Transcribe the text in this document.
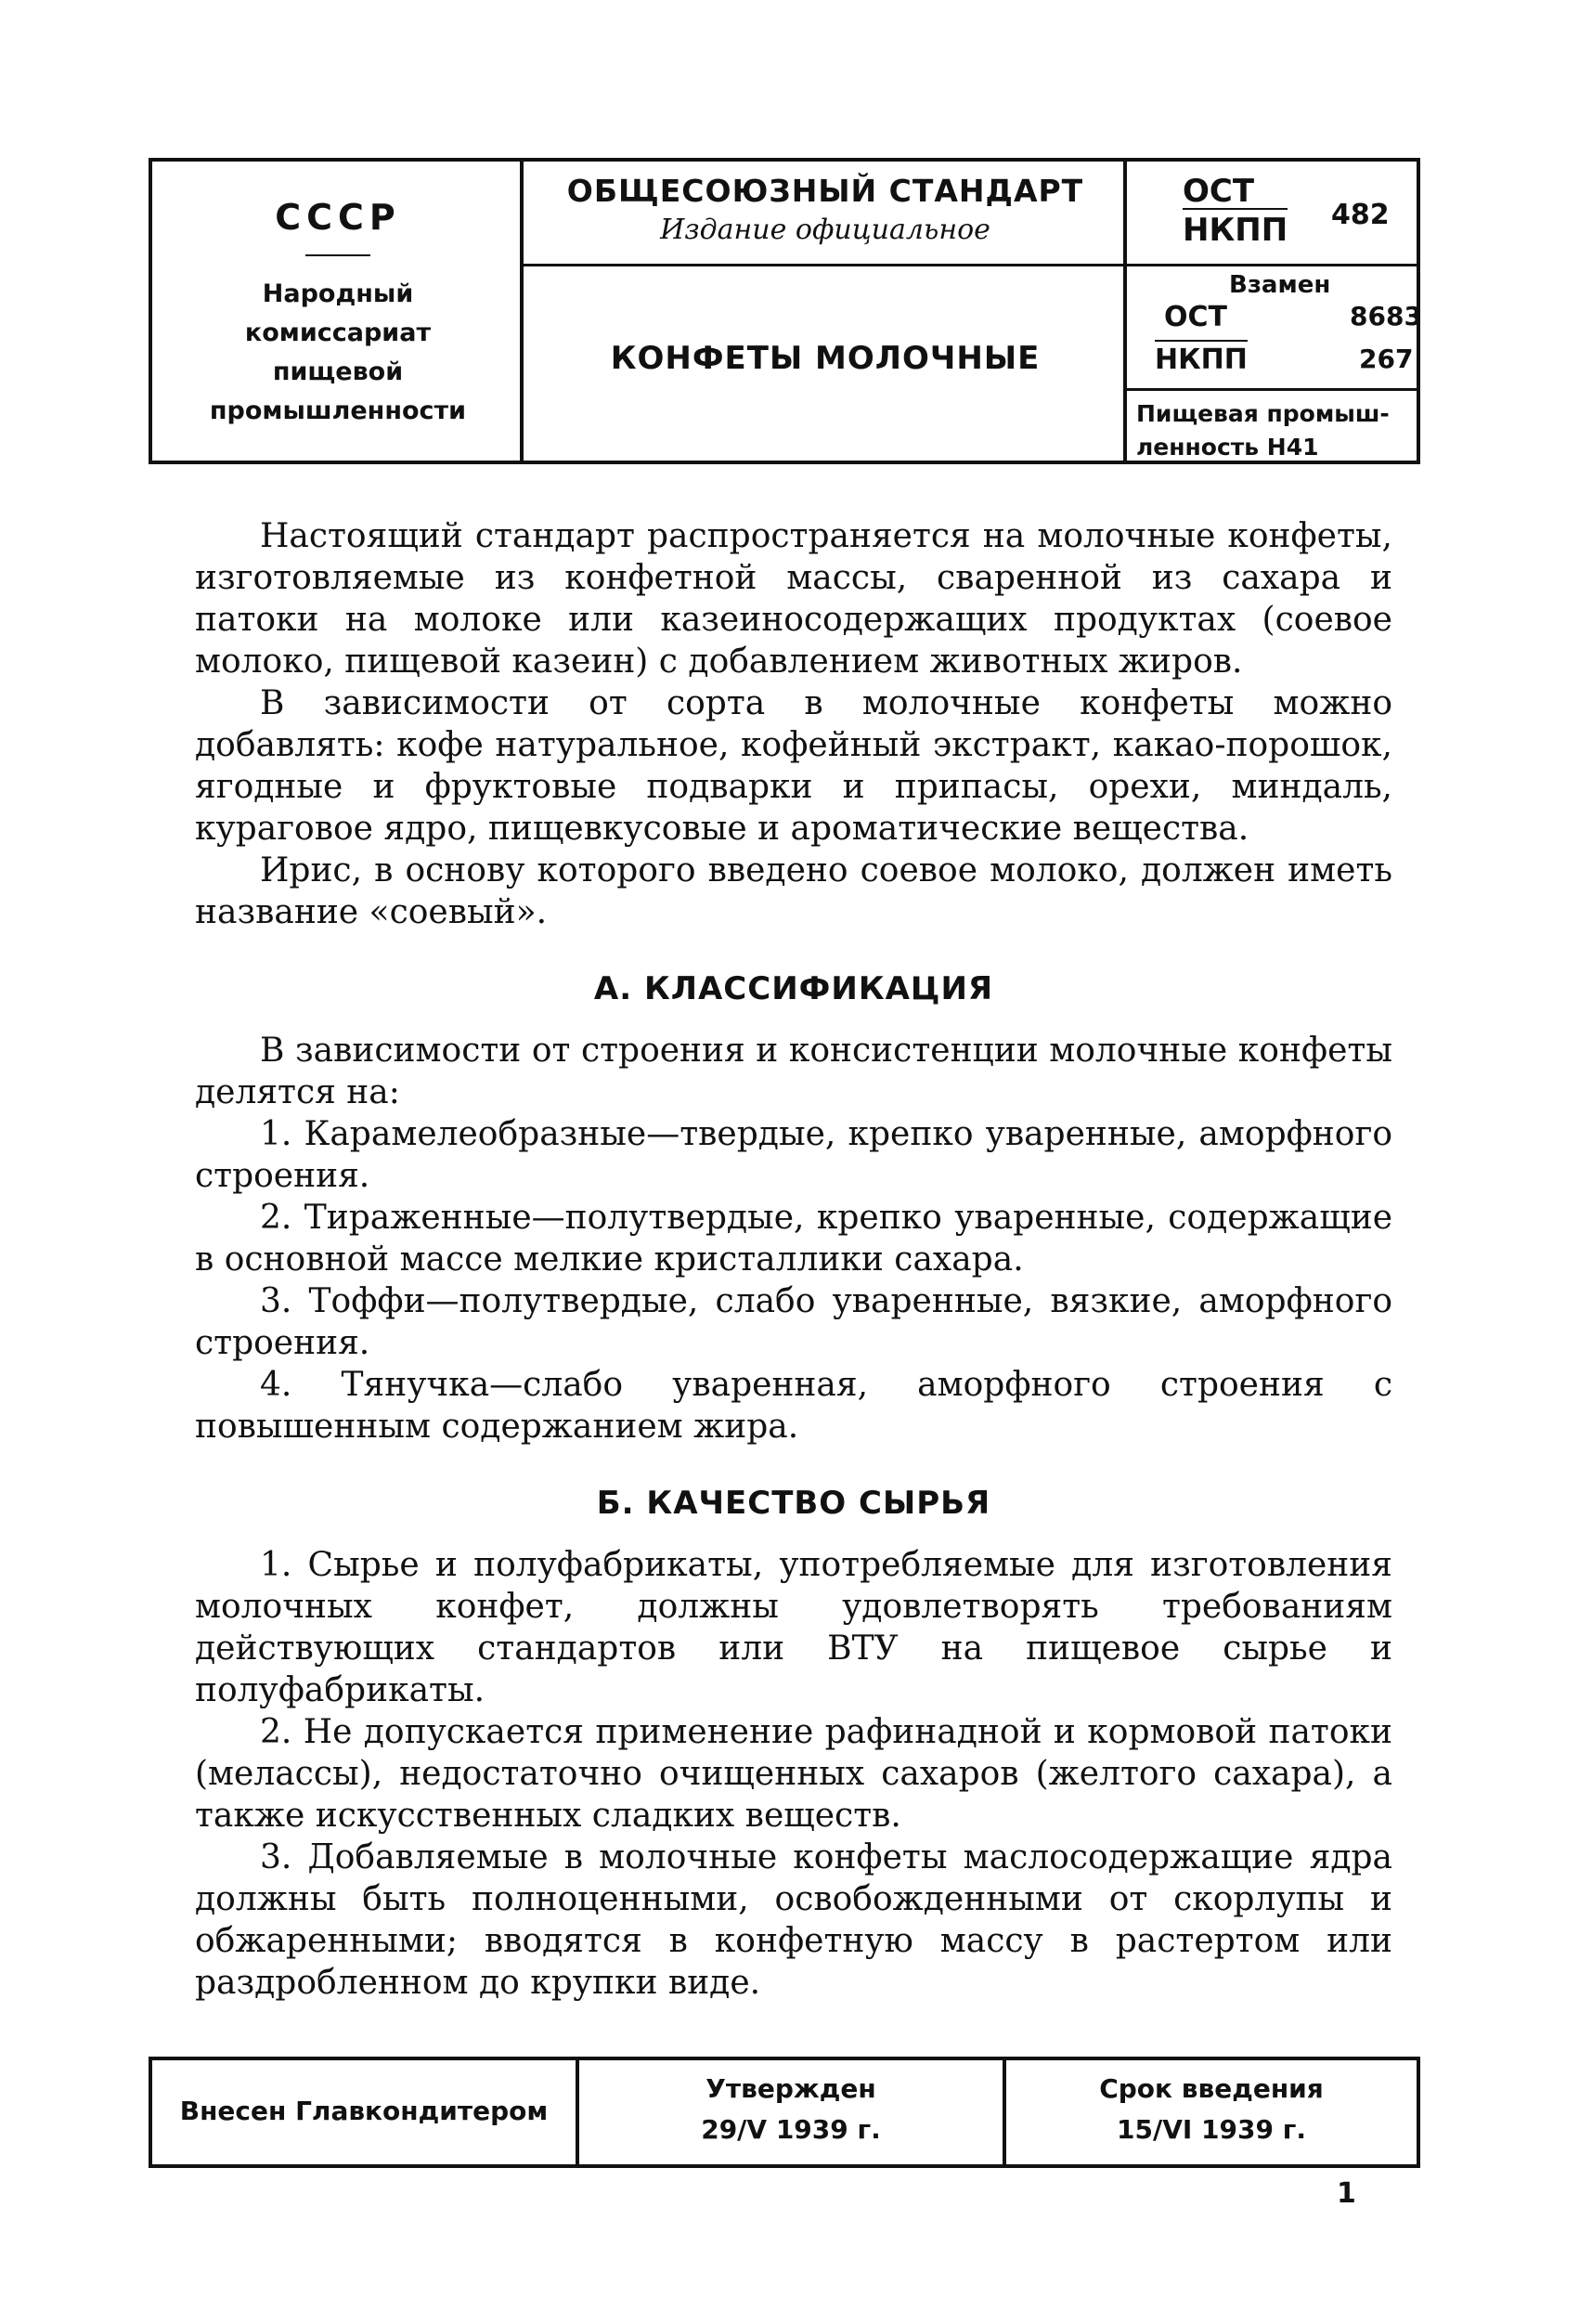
СССР
Народный
комиссариат
пищевой
промышленности
ОБЩЕСОЮЗНЫЙ СТАНДАРТ
Издание официальное
КОНФЕТЫ МОЛОЧНЫЕ
ОСТ
НКПП 482
Взамен
ОСТ	8683
НКПП	267
Пищевая промыш-
ленность Н41

Настоящий стандарт распространяется на молочные конфеты, изготовляемые из конфетной массы, сваренной из сахара и патоки на молоке или казеиносодержащих продуктах (соевое молоко, пищевой казеин) с добавлением животных жиров.

В зависимости от сорта в молочные конфеты можно добавлять: кофе натуральное, кофейный экстракт, какао-порошок, ягодные и фруктовые подварки и припасы, орехи, миндаль, кураговое ядро, пищевкусовые и ароматические вещества.

Ирис, в основу которого введено соевое молоко, должен иметь название «соевый».

А. КЛАССИФИКАЦИЯ

В зависимости от строения и консистенции молочные конфеты делятся на:

1. Карамелеобразные—твердые, крепко уваренные, аморфного строения.

2. Тираженные—полутвердые, крепко уваренные, содержащие в основной массе мелкие кристаллики сахара.

3. Тоффи—полутвердые, слабо уваренные, вязкие, аморфного строения.

4. Тянучка—слабо уваренная, аморфного строения с повышенным содержанием жира.

Б. КАЧЕСТВО СЫРЬЯ

1. Сырье и полуфабрикаты, употребляемые для изготовления молочных конфет, должны удовлетворять требованиям действующих стандартов или ВТУ на пищевое сырье и полуфабрикаты.

2. Не допускается применение рафинадной и кормовой патоки (мелассы), недостаточно очищенных сахаров (желтого сахара), а также искусственных сладких веществ.

3. Добавляемые в молочные конфеты маслосодержащие ядра должны быть полноценными, освобожденными от скорлупы и обжаренными; вводятся в конфетную массу в растертом или раздробленном до крупки виде.

Внесен Главкондитером
Утвержден
29/V 1939 г.
Срок введения
15/VI 1939 г.
1
